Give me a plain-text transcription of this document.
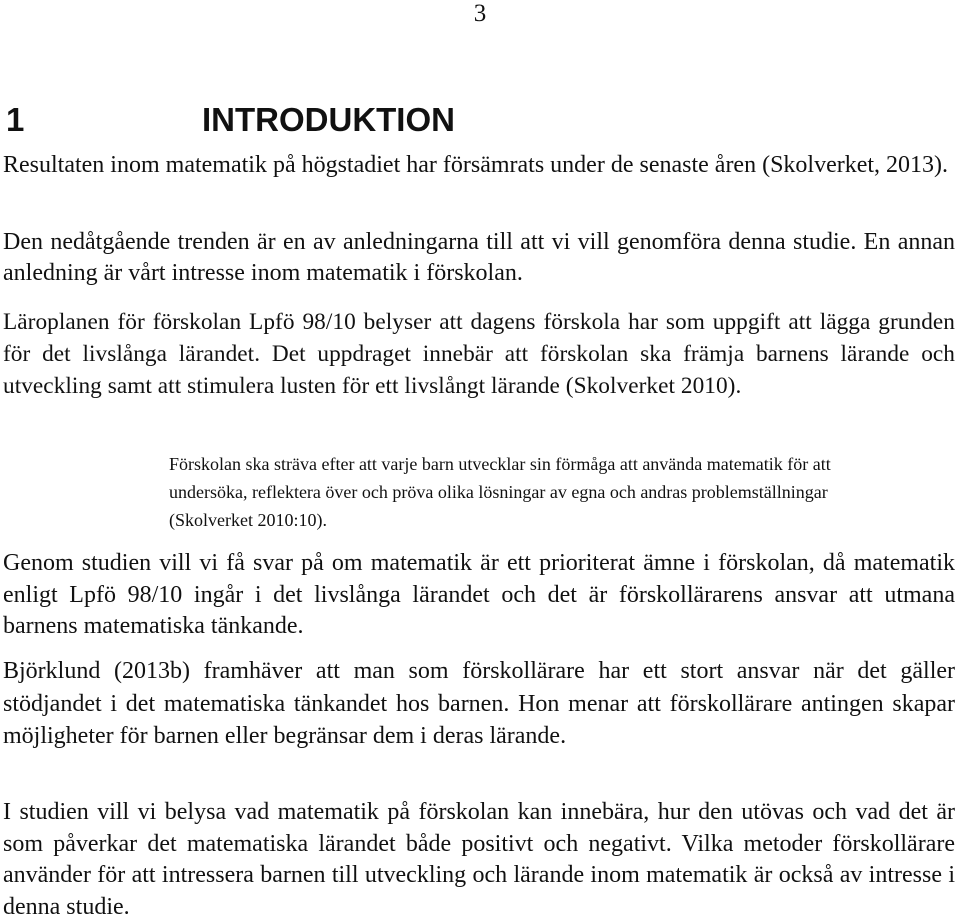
3
1	INTRODUKTION

Resultaten inom matematik på högstadiet har försämrats under de senaste åren (Skolverket, 2013).

Den nedåtgående trenden är en av anledningarna till att vi vill genomföra denna studie. En annan anledning är vårt intresse inom matematik i förskolan.

Läroplanen för förskolan Lpfö 98/10 belyser att dagens förskola har som uppgift att lägga grunden för det livslånga lärandet. Det uppdraget innebär att förskolan ska främja barnens lärande och utveckling samt att stimulera lusten för ett livslångt lärande (Skolverket 2010).

Förskolan ska sträva efter att varje barn utvecklar sin förmåga att använda matematik för att undersöka, reflektera över och pröva olika lösningar av egna och andras problemställningar (Skolverket 2010:10).

Genom studien vill vi få svar på om matematik är ett prioriterat ämne i förskolan, då matematik enligt Lpfö 98/10 ingår i det livslånga lärandet och det är förskollärarens ansvar att utmana barnens matematiska tänkande.

Björklund (2013b) framhäver att man som förskollärare har ett stort ansvar när det gäller stödjandet i det matematiska tänkandet hos barnen. Hon menar att förskollärare antingen skapar möjligheter för barnen eller begränsar dem i deras lärande.

I studien vill vi belysa vad matematik på förskolan kan innebära, hur den utövas och vad det är som påverkar det matematiska lärandet både positivt och negativt. Vilka metoder förskollärare använder för att intressera barnen till utveckling och lärande inom matematik är också av intresse i denna studie.
